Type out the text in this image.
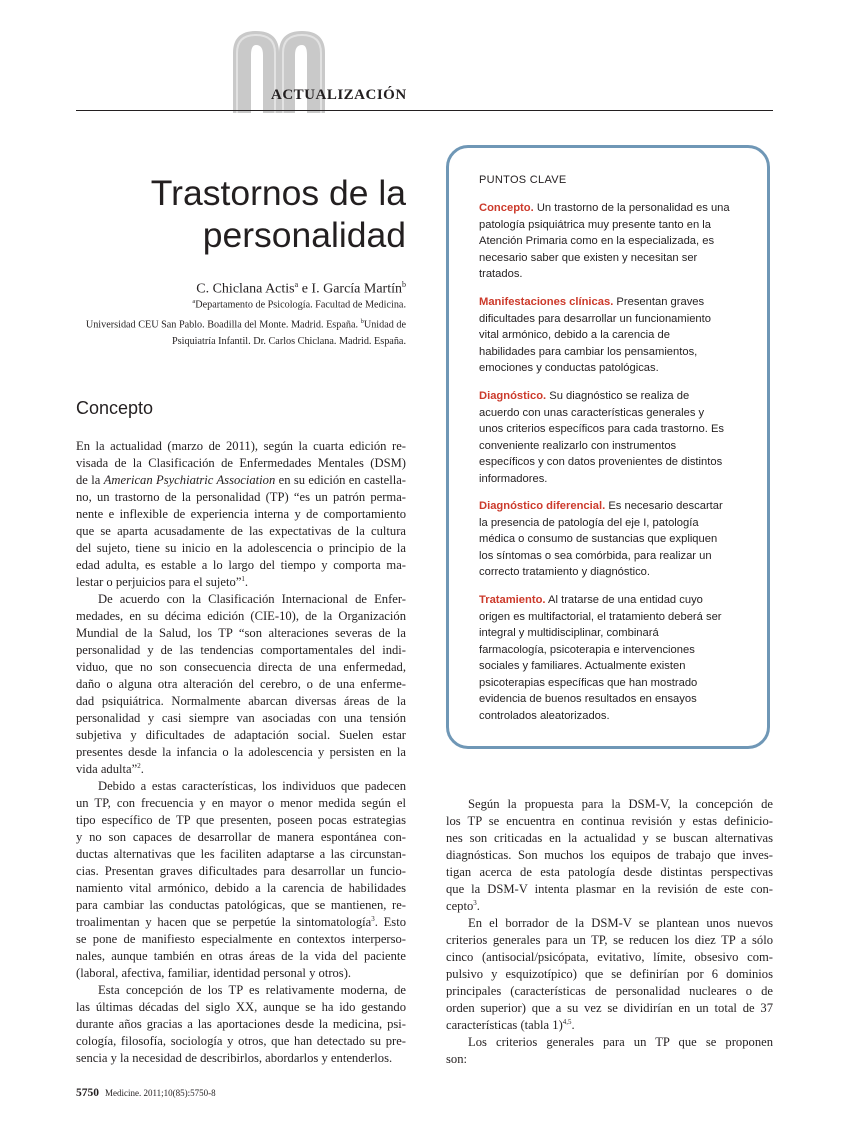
ACTUALIZACIÓN

Trastornos de la
personalidad

C. Chiclana Actis$^a$ e I. García Martín$^b$

$^a$Departamento de Psicología. Facultad de Medicina.
Universidad CEU San Pablo. Boadilla del Monte. Madrid. España. $^b$Unidad de
Psiquiatría Infantil. Dr. Carlos Chiclana. Madrid. España.

PUNTOS CLAVE

Concepto. Un trastorno de la personalidad es una
patología psiquiátrica muy presente tanto en la
Atención Primaria como en la especializada, es
necesario saber que existen y necesitan ser
tratados.

Manifestaciones clínicas. Presentan graves
dificultades para desarrollar un funcionamiento
vital armónico, debido a la carencia de
habilidades para cambiar los pensamientos,
emociones y conductas patológicas.

Diagnóstico. Su diagnóstico se realiza de
acuerdo con unas características generales y
unos criterios específicos para cada trastorno. Es
conveniente realizarlo con instrumentos
específicos y con datos provenientes de distintos
informadores.

Diagnóstico diferencial. Es necesario descartar
la presencia de patología del eje I, patología
médica o consumo de sustancias que expliquen
los síntomas o sea comórbida, para realizar un
correcto tratamiento y diagnóstico.

Tratamiento. Al tratarse de una entidad cuyo
origen es multifactorial, el tratamiento deberá ser
integral y multidisciplinar, combinará
farmacología, psicoterapia e intervenciones
sociales y familiares. Actualmente existen
psicoterapias específicas que han mostrado
evidencia de buenos resultados en ensayos
controlados aleatorizados.

Concepto
En la actualidad (marzo de 2011), según la cuarta edición re-
visada de la Clasificación de Enfermedades Mentales (DSM)
de la American Psychiatric Association en su edición en castella-
no, un trastorno de la personalidad (TP) “es un patrón perma-
nente e inflexible de experiencia interna y de comportamiento
que se aparta acusadamente de las expectativas de la cultura
del sujeto, tiene su inicio en la adolescencia o principio de la
edad adulta, es estable a lo largo del tiempo y comporta ma-
lestar o perjuicios para el sujeto”$^1$.
De acuerdo con la Clasificación Internacional de Enfer-
medades, en su décima edición (CIE-10), de la Organización
Mundial de la Salud, los TP “son alteraciones severas de la
personalidad y de las tendencias comportamentales del indi-
viduo, que no son consecuencia directa de una enfermedad,
daño o alguna otra alteración del cerebro, o de una enferme-
dad psiquiátrica. Normalmente abarcan diversas áreas de la
personalidad y casi siempre van asociadas con una tensión
subjetiva y dificultades de adaptación social. Suelen estar
presentes desde la infancia o la adolescencia y persisten en la
vida adulta”$^2$.
Debido a estas características, los individuos que padecen
un TP, con frecuencia y en mayor o menor medida según el
tipo específico de TP que presenten, poseen pocas estrategias
y no son capaces de desarrollar de manera espontánea con-
ductas alternativas que les faciliten adaptarse a las circunstan-
cias. Presentan graves dificultades para desarrollar un funcio-
namiento vital armónico, debido a la carencia de habilidades
para cambiar las conductas patológicas, que se mantienen, re-
troalimentan y hacen que se perpetúe la sintomatología$^3$. Esto
se pone de manifiesto especialmente en contextos interperso-
nales, aunque también en otras áreas de la vida del paciente
(laboral, afectiva, familiar, identidad personal y otros).
Esta concepción de los TP es relativamente moderna, de
las últimas décadas del siglo XX, aunque se ha ido gestando
durante años gracias a las aportaciones desde la medicina, psi-
cología, filosofía, sociología y otros, que han detectado su pre-
sencia y la necesidad de describirlos, abordarlos y entenderlos.
Según la propuesta para la DSM-V, la concepción de
los TP se encuentra en continua revisión y estas definicio-
nes son criticadas en la actualidad y se buscan alternativas
diagnósticas. Son muchos los equipos de trabajo que inves-
tigan acerca de esta patología desde distintas perspectivas
que la DSM-V intenta plasmar en la revisión de este con-
cepto$^3$.
En el borrador de la DSM-V se plantean unos nuevos
criterios generales para un TP, se reducen los diez TP a sólo
cinco (antisocial/psicópata, evitativo, límite, obsesivo com-
pulsivo y esquizotípico) que se definirían por 6 dominios
principales (características de personalidad nucleares o de
orden superior) que a su vez se dividirían en un total de 37
características (tabla 1)$^{4,5}$.
Los criterios generales para un TP que se proponen
son:

5750 Medicine. 2011;10(85):5750-8
